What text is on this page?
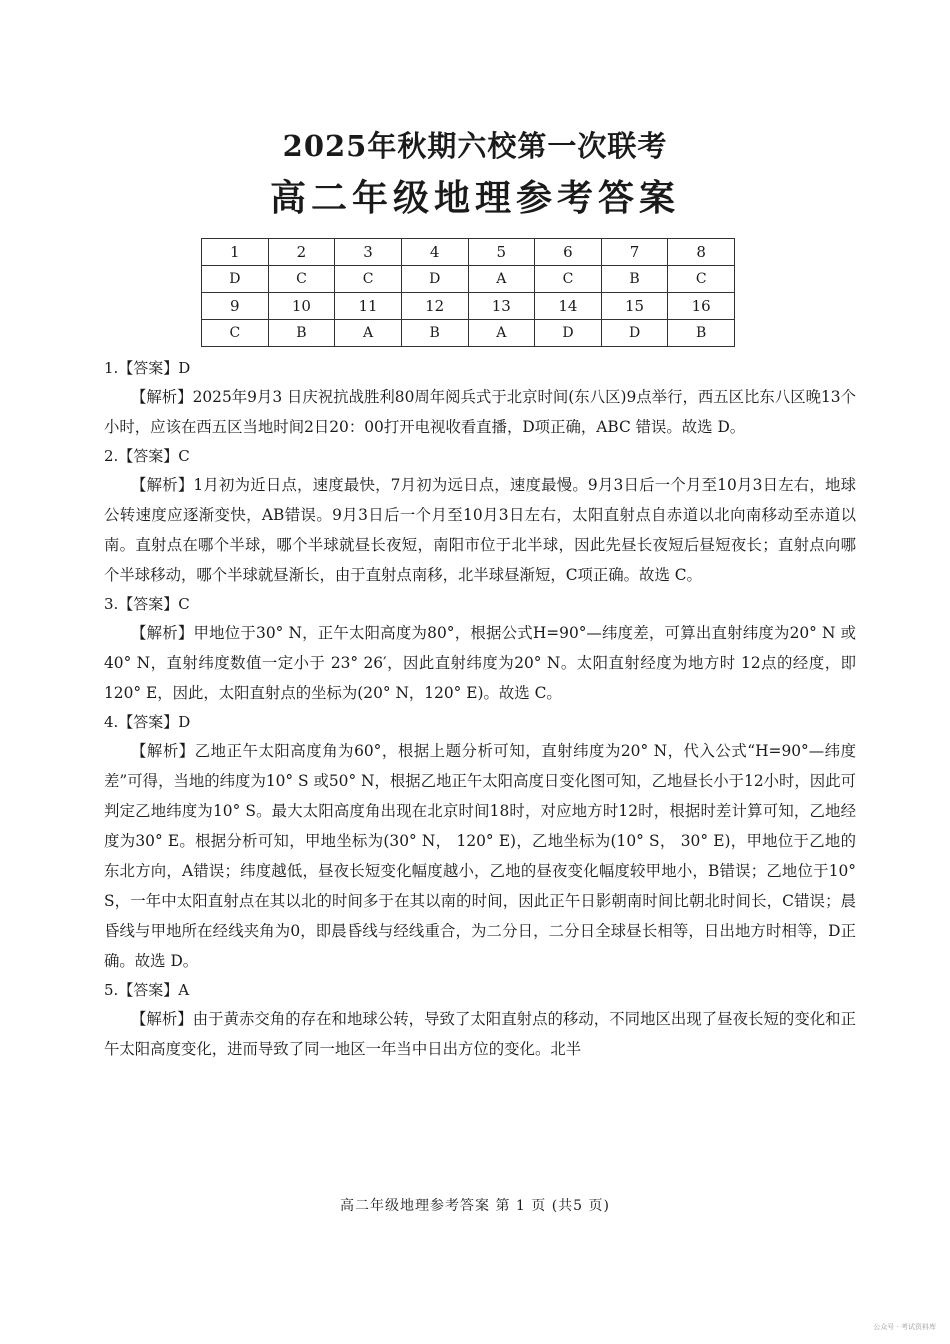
2025年秋期六校第一次联考
高二年级地理参考答案
1	2	3	4	5	6	7	8
D	C	C	D	A	C	B	C
9	10	11	12	13	14	15	16
C	B	A	B	A	D	D	B
1.【答案】D

【解析】2025年9月3 日庆祝抗战胜利80周年阅兵式于北京时间(东八区)9点举行，西五区比东八区晚13个小时，应该在西五区当地时间2日20：00打开电视收看直播，D项正确，ABC 错误。故选 D。

2.【答案】C

【解析】1月初为近日点，速度最快，7月初为远日点，速度最慢。9月3日后一个月至10月3日左右，地球公转速度应逐渐变快，AB错误。9月3日后一个月至10月3日左右，太阳直射点自赤道以北向南移动至赤道以南。直射点在哪个半球，哪个半球就昼长夜短，南阳市位于北半球，因此先昼长夜短后昼短夜长；直射点向哪个半球移动，哪个半球就昼渐长，由于直射点南移，北半球昼渐短，C项正确。故选 C。

3.【答案】C

【解析】甲地位于30° N，正午太阳高度为80°，根据公式H=90°—纬度差，可算出直射纬度为20° N 或40° N，直射纬度数值一定小于 23° 26′，因此直射纬度为20° N。太阳直射经度为地方时 12点的经度，即 120° E，因此，太阳直射点的坐标为(20° N，120° E)。故选 C。

4.【答案】D

【解析】乙地正午太阳高度角为60°，根据上题分析可知，直射纬度为20° N，代入公式“H=90°—纬度差”可得，当地的纬度为10° S 或50° N，根据乙地正午太阳高度日变化图可知，乙地昼长小于12小时，因此可判定乙地纬度为10° S。最大太阳高度角出现在北京时间18时，对应地方时12时，根据时差计算可知，乙地经度为30° E。根据分析可知，甲地坐标为(30° N， 120° E)，乙地坐标为(10° S， 30° E)，甲地位于乙地的东北方向，A错误；纬度越低，昼夜长短变化幅度越小，乙地的昼夜变化幅度较甲地小，B错误；乙地位于10° S，一年中太阳直射点在其以北的时间多于在其以南的时间，因此正午日影朝南时间比朝北时间长，C错误；晨昏线与甲地所在经线夹角为0，即晨昏线与经线重合，为二分日，二分日全球昼长相等，日出地方时相等，D正确。故选 D。

5.【答案】A

【解析】由于黄赤交角的存在和地球公转，导致了太阳直射点的移动，不同地区出现了昼夜长短的变化和正午太阳高度变化，进而导致了同一地区一年当中日出方位的变化。北半

高二年级地理参考答案 第 1 页 (共5 页)
公众号 · 考试资料库
